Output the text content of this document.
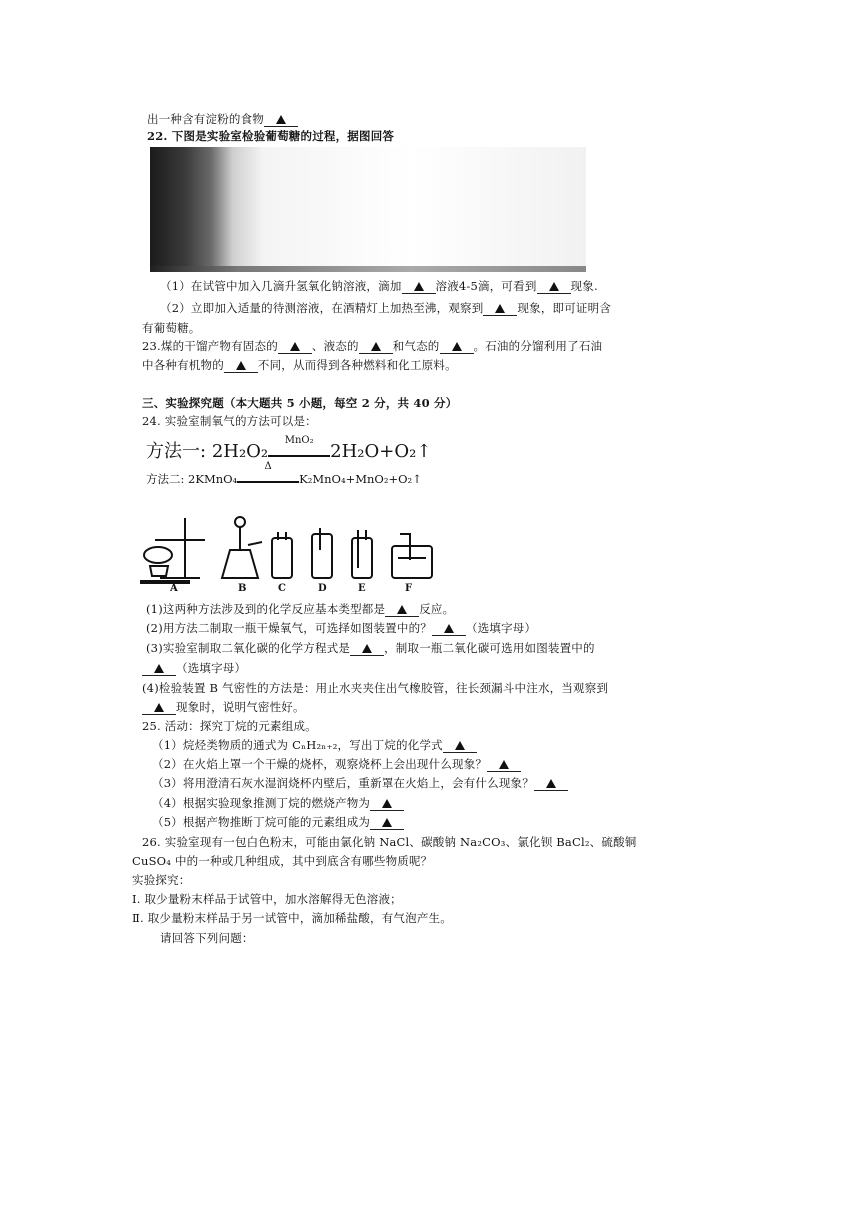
出一种含有淀粉的食物
22. 下图是实验室检验葡萄糖的过程，据图回答
（1）在试管中加入几滴升氢氧化钠溶液，滴加	溶液4-5滴，可看到	现象.
（2）立即加入适量的待测溶液，在酒精灯上加热至沸，观察到	现象，即可证明含
有葡萄糖。
23.煤的干馏产物有固态的	、液态的	和气态的	。石油的分馏利用了石油
中各种有机物的	不同，从而得到各种燃料和化工原料。
三、实验探究题（本大题共 5 小题，每空 2 分，共 40 分）
24. 实验室制氧气的方法可以是：
方法一: 2H₂O₂
MnO₂
2H₂O+O₂↑
方法二: 2KMnO₄
Δ
K₂MnO₄+MnO₂+O₂↑
A	B	C	D	E	F
(1)这两种方法涉及到的化学反应基本类型都是	反应。
(2)用方法二制取一瓶干燥氧气，可选择如图装置中的？	（选填字母）
(3)实验室制取二氧化碳的化学方程式是	，制取一瓶二氧化碳可选用如图装置中的
（选填字母）
(4)检验装置 B 气密性的方法是：用止水夹夹住出气橡胶管，往长颈漏斗中注水，当观察到
现象时，说明气密性好。
25. 活动：探究丁烷的元素组成。
（1）烷烃类物质的通式为 CₙH₂ₙ₊₂，写出丁烷的化学式
（2）在火焰上罩一个干燥的烧杯，观察烧杯上会出现什么现象？
（3）将用澄清石灰水湿润烧杯内壁后，重新罩在火焰上，会有什么现象？
（4）根据实验现象推测丁烷的燃烧产物为
（5）根据产物推断丁烷可能的元素组成为
26. 实验室现有一包白色粉末，可能由氯化钠 NaCl、碳酸钠 Na₂CO₃、氯化钡 BaCl₂、硫酸铜
CuSO₄ 中的一种或几种组成，其中到底含有哪些物质呢？
实验探究：
Ⅰ. 取少量粉末样品于试管中，加水溶解得无色溶液；
Ⅱ. 取少量粉末样品于另一试管中，滴加稀盐酸，有气泡产生。
请回答下列问题：
